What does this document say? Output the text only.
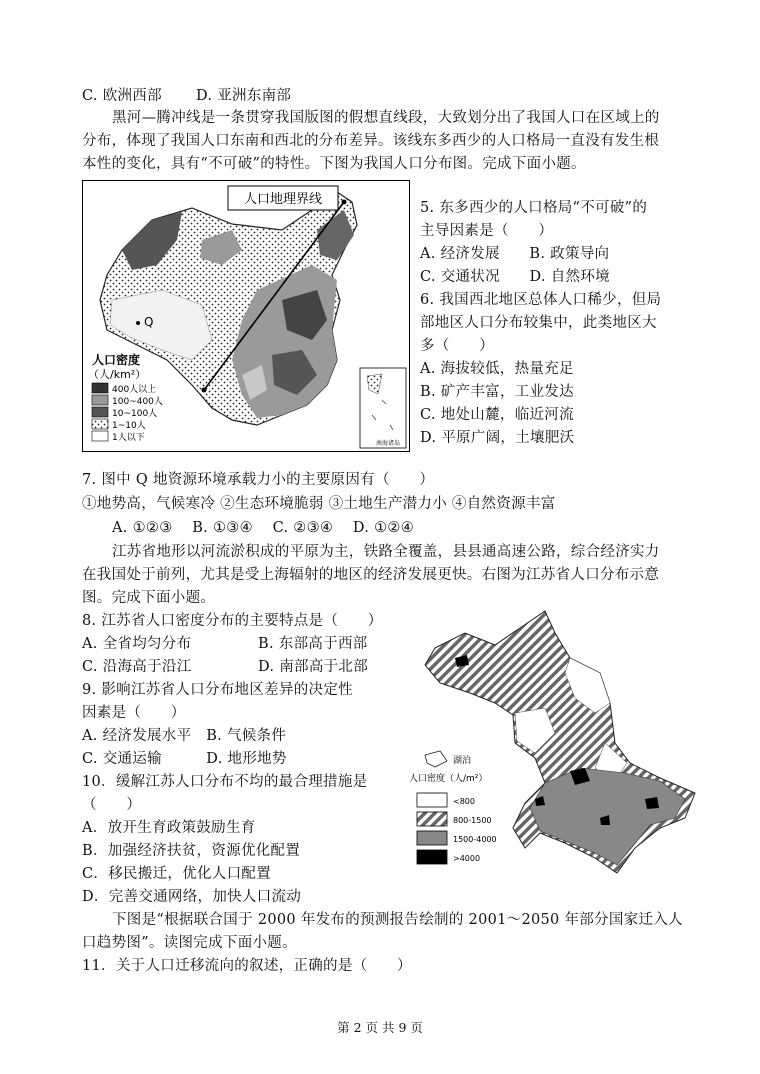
C. 欧洲西部 D. 亚洲东南部
黑河—腾冲线是一条贯穿我国版图的假想直线段，大致划分出了我国人口在区域上的
分布，体现了我国人口东南和西北的分布差异。该线东多西少的人口格局一直没有发生根
本性的变化，具有“不可破”的特性。下图为我国人口分布图。完成下面小题。
人口地理界线
Q
人口密度
（人/km²）
400人以上
100~400人
10~100人
1~10人
1人以下
南海诸岛
5. 东多西少的人口格局“不可破”的
主导因素是（　　）
A. 经济发展　　B. 政策导向
C. 交通状况　　D. 自然环境
6. 我国西北地区总体人口稀少，但局
部地区人口分布较集中，此类地区大
多（　　）
A. 海拔较低，热量充足
B. 矿产丰富，工业发达
C. 地处山麓，临近河流
D. 平原广阔，土壤肥沃
7. 图中 Q 地资源环境承载力小的主要原因有（　　）
①地势高，气候寒冷 ②生态环境脆弱 ③土地生产潜力小 ④自然资源丰富
A. ①②③　 B. ①③④　 C. ②③④　 D. ①②④
江苏省地形以河流淤积成的平原为主，铁路全覆盖，县县通高速公路，综合经济实力
在我国处于前列，尤其是受上海辐射的地区的经济发展更快。右图为江苏省人口分布示意
图。完成下面小题。
8. 江苏省人口密度分布的主要特点是（　　）
A. 全省均匀分布	B. 东部高于西部
C. 沿海高于沿江	D. 南部高于北部
9. 影响江苏省人口分布地区差异的决定性
因素是（　　）
A. 经济发展水平　B. 气候条件
C. 交通运输　　　D. 地形地势
10．缓解江苏人口分布不均的最合理措施是
（　　）
A．放开生育政策鼓励生育
B．加强经济扶贫，资源优化配置
C．移民搬迁，优化人口配置
D．完善交通网络，加快人口流动
湖泊
人口密度（人/m²）
<800
800-1500
1500-4000
>4000
下图是“根据联合国于 2000 年发布的预测报告绘制的 2001～2050 年部分国家迁入人
口趋势图”。读图完成下面小题。
11．关于人口迁移流向的叙述，正确的是（　　）
第 2 页 共 9 页
